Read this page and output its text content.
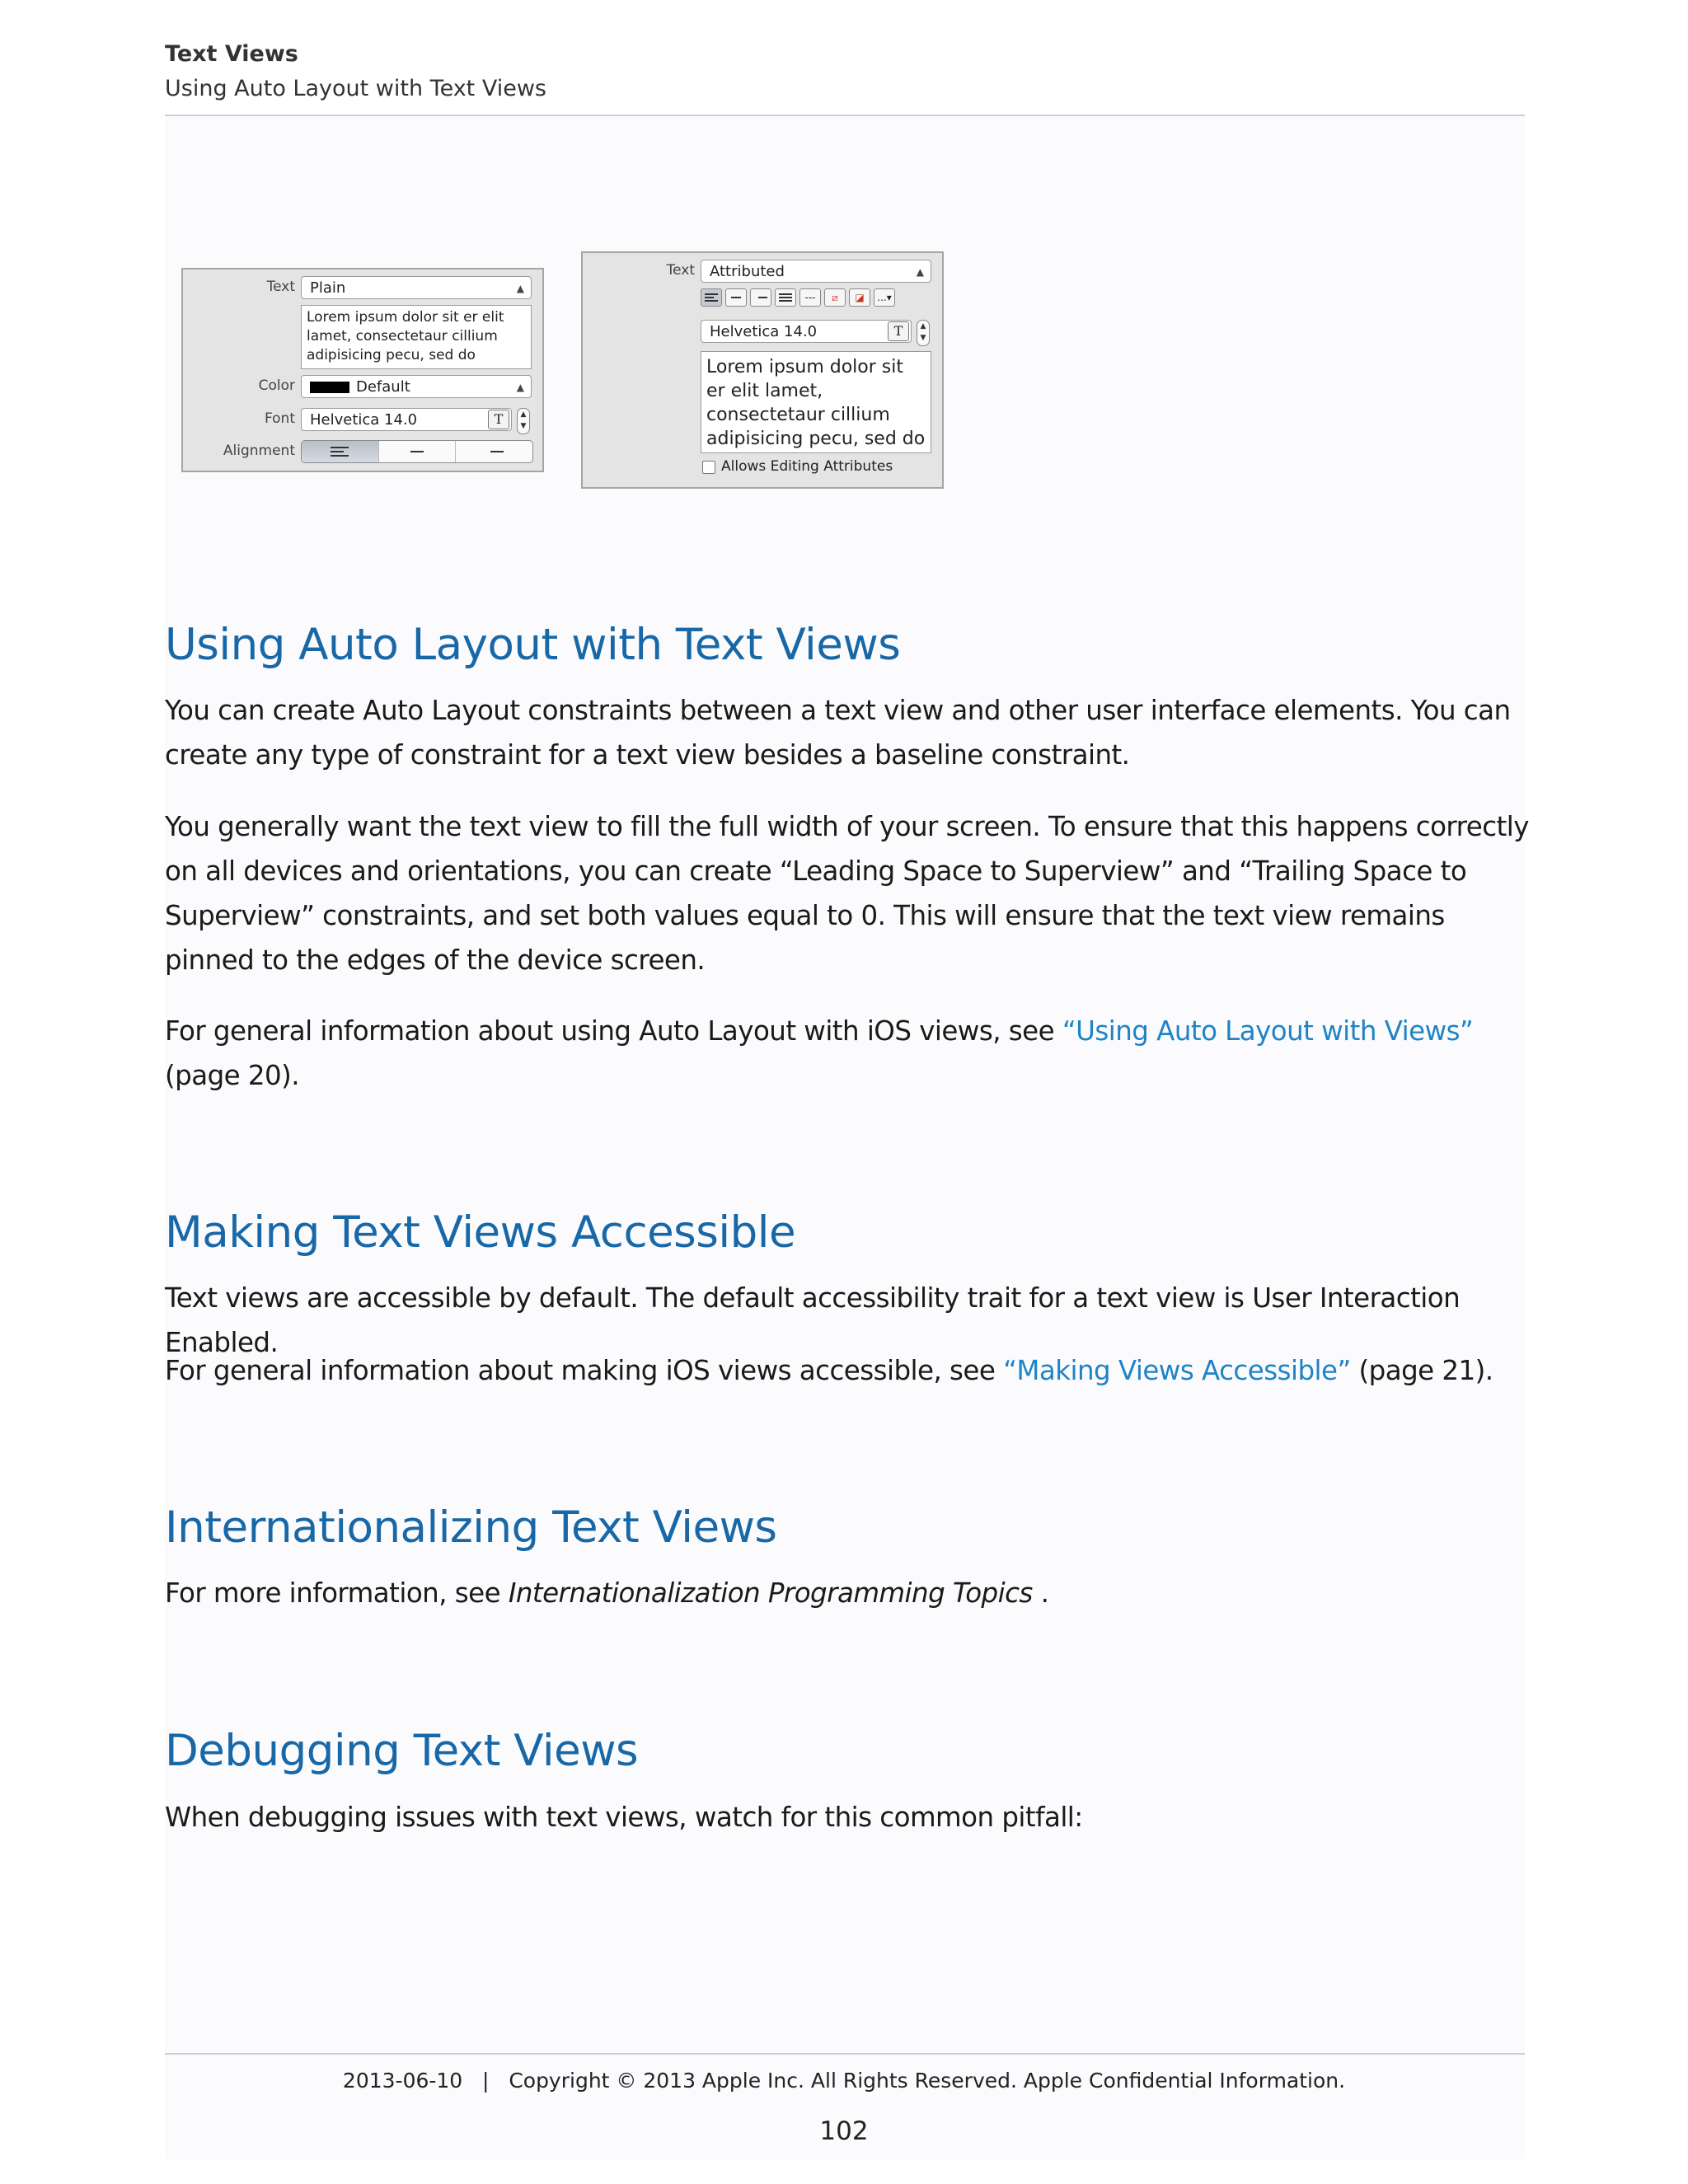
Text Views
Using Auto Layout with Text Views
Text	Plain	▲

Lorem ipsum dolor sit er elit lamet, consectetaur cillium adipisicing pecu, sed do
Color	Default	▲
Font	Helvetica 14.0	T	▲
▼
Alignment
Text	Attributed	▲
---	⧄	◪	...▾
Helvetica 14.0	T	▲
▼
Lorem ipsum dolor sit er elit lamet, consectetaur cillium adipisicing pecu, sed do
Allows Editing Attributes
Using Auto Layout with Text Views

You can create Auto Layout constraints between a text view and other user interface elements. You can create any type of constraint for a text view besides a baseline constraint.

You generally want the text view to fill the full width of your screen. To ensure that this happens correctly on all devices and orientations, you can create “Leading Space to Superview” and “Trailing Space to Superview” constraints, and set both values equal to 0. This will ensure that the text view remains pinned to the edges of the device screen.

For general information about using Auto Layout with iOS views, see “Using Auto Layout with Views” (page 20).

Making Text Views Accessible

Text views are accessible by default. The default accessibility trait for a text view is User Interaction Enabled.

For general information about making iOS views accessible, see “Making Views Accessible” (page 21).

Internationalizing Text Views

For more information, see Internationalization Programming Topics .

Debugging Text Views

When debugging issues with text views, watch for this common pitfall:

2013-06-10   |   Copyright © 2013 Apple Inc. All Rights Reserved. Apple Confidential Information.
102
